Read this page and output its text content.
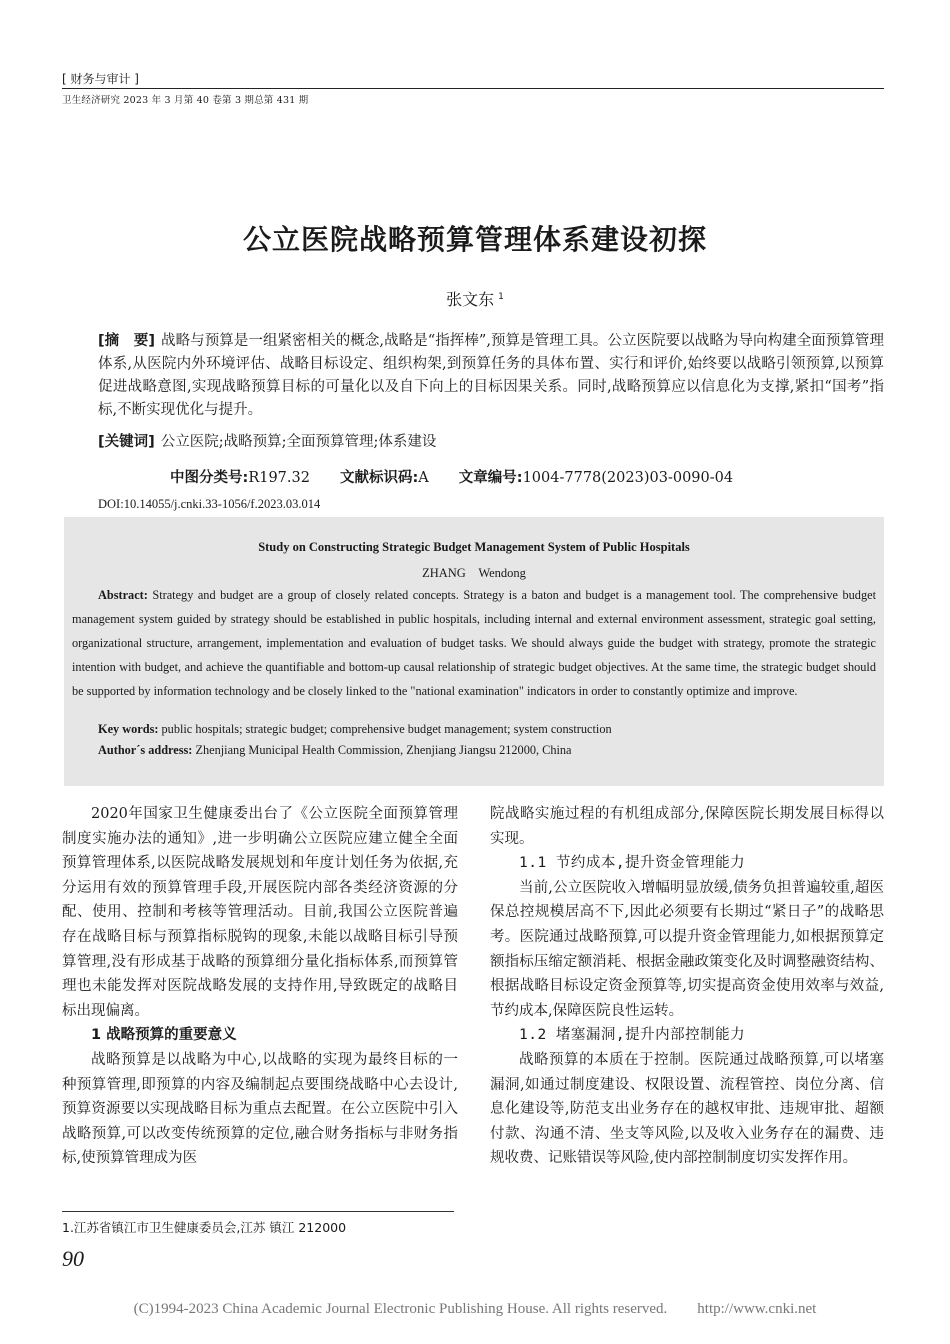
[ 财务与审计 ]
卫生经济研究 2023 年 3 月第 40 卷第 3 期总第 431 期
公立医院战略预算管理体系建设初探
张文东 $^1$
[摘　要] 战略与预算是一组紧密相关的概念,战略是“指挥棒”,预算是管理工具。公立医院要以战略为导向构建全面预算管理体系,从医院内外环境评估、战略目标设定、组织构架,到预算任务的具体布置、实行和评价,始终要以战略引领预算,以预算促进战略意图,实现战略预算目标的可量化以及自下向上的目标因果关系。同时,战略预算应以信息化为支撑,紧扣“国考”指标,不断实现优化与提升。
[关键词] 公立医院;战略预算;全面预算管理;体系建设
中图分类号:R197.32 文献标识码:A 文章编号:1004-7778(2023)03-0090-04
DOI:10.14055/j.cnki.33-1056/f.2023.03.014
Study on Constructing Strategic Budget Management System of Public Hospitals
ZHANG　Wendong
Abstract: Strategy and budget are a group of closely related concepts. Strategy is a baton and budget is a management tool. The comprehensive budget management system guided by strategy should be established in public hospitals, including internal and external environment assessment, strategic goal setting, organizational structure, arrangement, implementation and evaluation of budget tasks. We should always guide the budget with strategy, promote the strategic intention with budget, and achieve the quantifiable and bottom-up causal relationship of strategic budget objectives. At the same time, the strategic budget should be supported by information technology and be closely linked to the "national examination" indicators in order to constantly optimize and improve.
Key words: public hospitals; strategic budget; comprehensive budget management; system construction
Author´s address: Zhenjiang Municipal Health Commission, Zhenjiang Jiangsu 212000, China

2020年国家卫生健康委出台了《公立医院全面预算管理制度实施办法的通知》,进一步明确公立医院应建立健全全面预算管理体系,以医院战略发展规划和年度计划任务为依据,充分运用有效的预算管理手段,开展医院内部各类经济资源的分配、使用、控制和考核等管理活动。目前,我国公立医院普遍存在战略目标与预算指标脱钩的现象,未能以战略目标引导预算管理,没有形成基于战略的预算细分量化指标体系,而预算管理也未能发挥对医院战略发展的支持作用,导致既定的战略目标出现偏离。

1 战略预算的重要意义

战略预算是以战略为中心,以战略的实现为最终目标的一种预算管理,即预算的内容及编制起点要围绕战略中心去设计,预算资源要以实现战略目标为重点去配置。在公立医院中引入战略预算,可以改变传统预算的定位,融合财务指标与非财务指标,使预算管理成为医

院战略实施过程的有机组成部分,保障医院长期发展目标得以实现。

1.1 节约成本,提升资金管理能力

当前,公立医院收入增幅明显放缓,债务负担普遍较重,超医保总控规模居高不下,因此必须要有长期过“紧日子”的战略思考。医院通过战略预算,可以提升资金管理能力,如根据预算定额指标压缩定额消耗、根据金融政策变化及时调整融资结构、根据战略目标设定资金预算等,切实提高资金使用效率与效益,节约成本,保障医院良性运转。

1.2 堵塞漏洞,提升内部控制能力

战略预算的本质在于控制。医院通过战略预算,可以堵塞漏洞,如通过制度建设、权限设置、流程管控、岗位分离、信息化建设等,防范支出业务存在的越权审批、违规审批、超额付款、沟通不清、坐支等风险,以及收入业务存在的漏费、违规收费、记账错误等风险,使内部控制制度切实发挥作用。

1.江苏省镇江市卫生健康委员会,江苏 镇江 212000
90
(C)1994-2023 China Academic Journal Electronic Publishing House. All rights reserved.　　http://www.cnki.net
